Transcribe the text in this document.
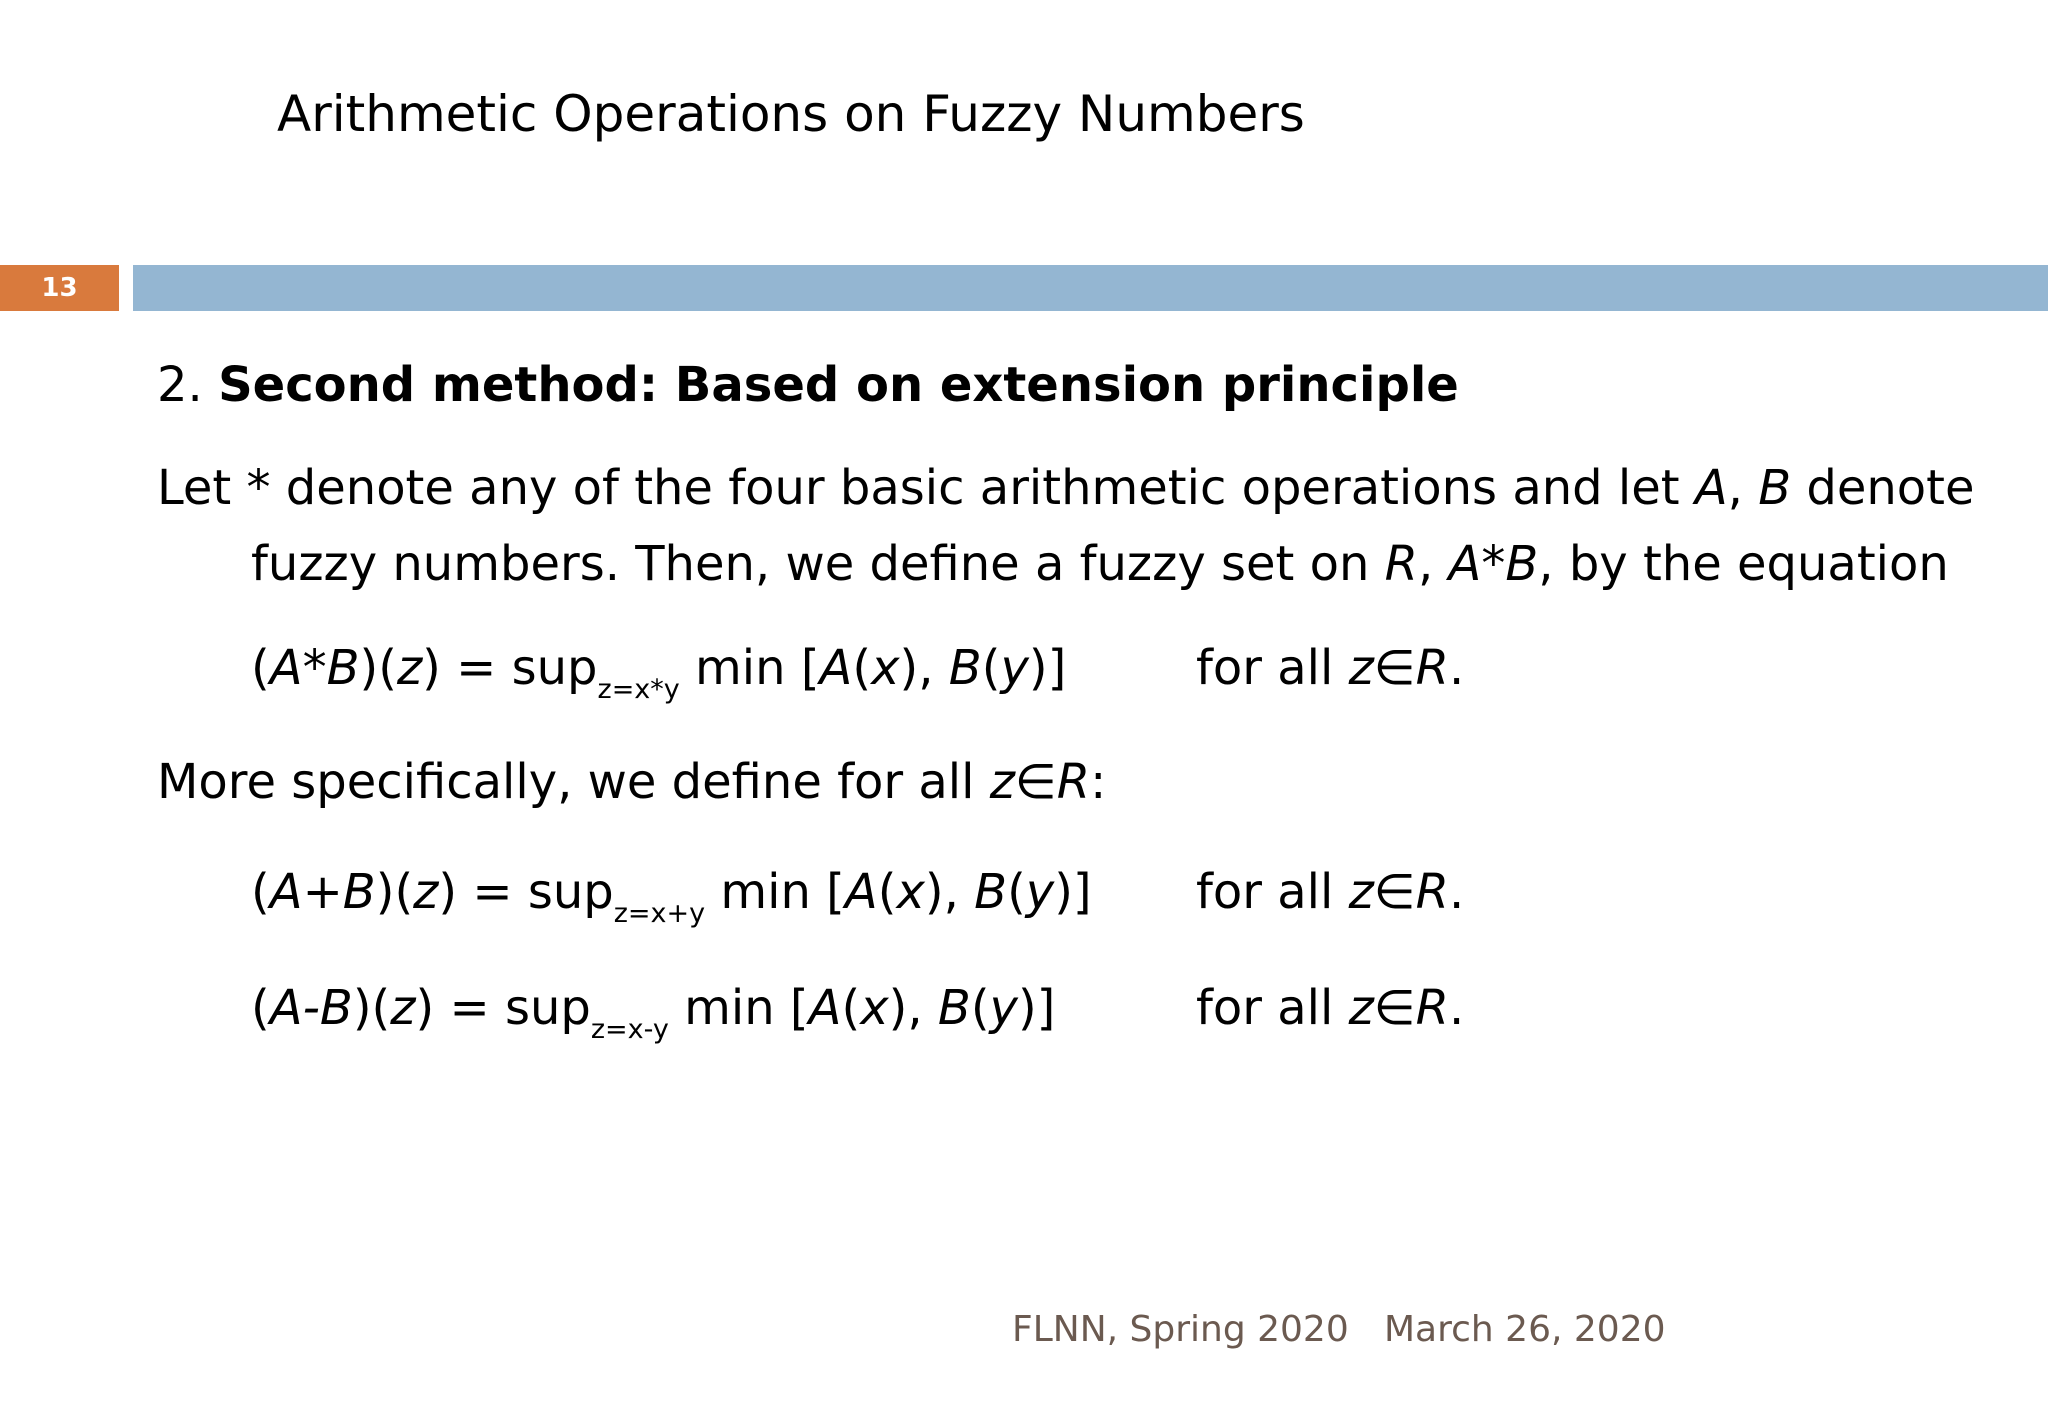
Arithmetic Operations on Fuzzy Numbers
13
2. Second method: Based on extension principle
Let * denote any of the four basic arithmetic operations and let A, B denote fuzzy numbers. Then, we define a fuzzy set on R, A*B, by the equation
(A*B)(z) = sup$_{z=x*y}$ min [A(x), B(y)]	for all z∈R.
More specifically, we define for all z∈R:
(A+B)(z) = sup$_{z=x+y}$ min [A(x), B(y)] for all z∈R.
(A-B)(z) = sup$_{z=x-y}$ min [A(x), B(y)]	for all z∈R.
FLNN, Spring 2020 March 26, 2020
